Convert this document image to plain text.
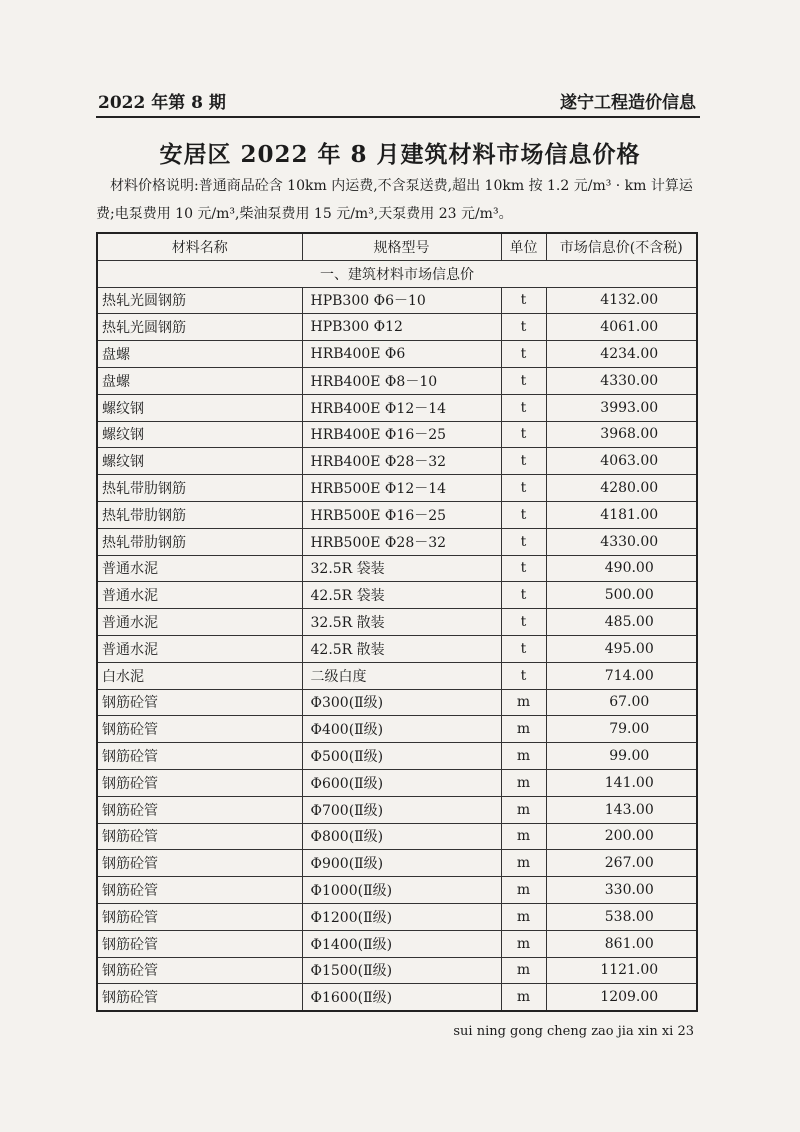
2022 年第 8 期	遂宁工程造价信息
安居区 2022 年 8 月建筑材料市场信息价格
材料价格说明:普通商品砼含 10km 内运费,不含泵送费,超出 10km 按 1.2 元/m³ · km 计算运费;电泵费用 10 元/m³,柴油泵费用 15 元/m³,天泵费用 23 元/m³。
材料名称	规格型号	单位	市场信息价(不含税)
一、建筑材料市场信息价			
热轧光圆钢筋	HPB300 Φ6－10	t	4132.00
热轧光圆钢筋	HPB300 Φ12	t	4061.00
盘螺	HRB400E Φ6	t	4234.00
盘螺	HRB400E Φ8－10	t	4330.00
螺纹钢	HRB400E Φ12－14	t	3993.00
螺纹钢	HRB400E Φ16－25	t	3968.00
螺纹钢	HRB400E Φ28－32	t	4063.00
热轧带肋钢筋	HRB500E Φ12－14	t	4280.00
热轧带肋钢筋	HRB500E Φ16－25	t	4181.00
热轧带肋钢筋	HRB500E Φ28－32	t	4330.00
普通水泥	32.5R 袋装	t	490.00
普通水泥	42.5R 袋装	t	500.00
普通水泥	32.5R 散装	t	485.00
普通水泥	42.5R 散装	t	495.00
白水泥	二级白度	t	714.00
钢筋砼管	Φ300(Ⅱ级)	m	67.00
钢筋砼管	Φ400(Ⅱ级)	m	79.00
钢筋砼管	Φ500(Ⅱ级)	m	99.00
钢筋砼管	Φ600(Ⅱ级)	m	141.00
钢筋砼管	Φ700(Ⅱ级)	m	143.00
钢筋砼管	Φ800(Ⅱ级)	m	200.00
钢筋砼管	Φ900(Ⅱ级)	m	267.00
钢筋砼管	Φ1000(Ⅱ级)	m	330.00
钢筋砼管	Φ1200(Ⅱ级)	m	538.00
钢筋砼管	Φ1400(Ⅱ级)	m	861.00
钢筋砼管	Φ1500(Ⅱ级)	m	1121.00
钢筋砼管	Φ1600(Ⅱ级)	m	1209.00
sui ning gong cheng zao jia xin xi 23
